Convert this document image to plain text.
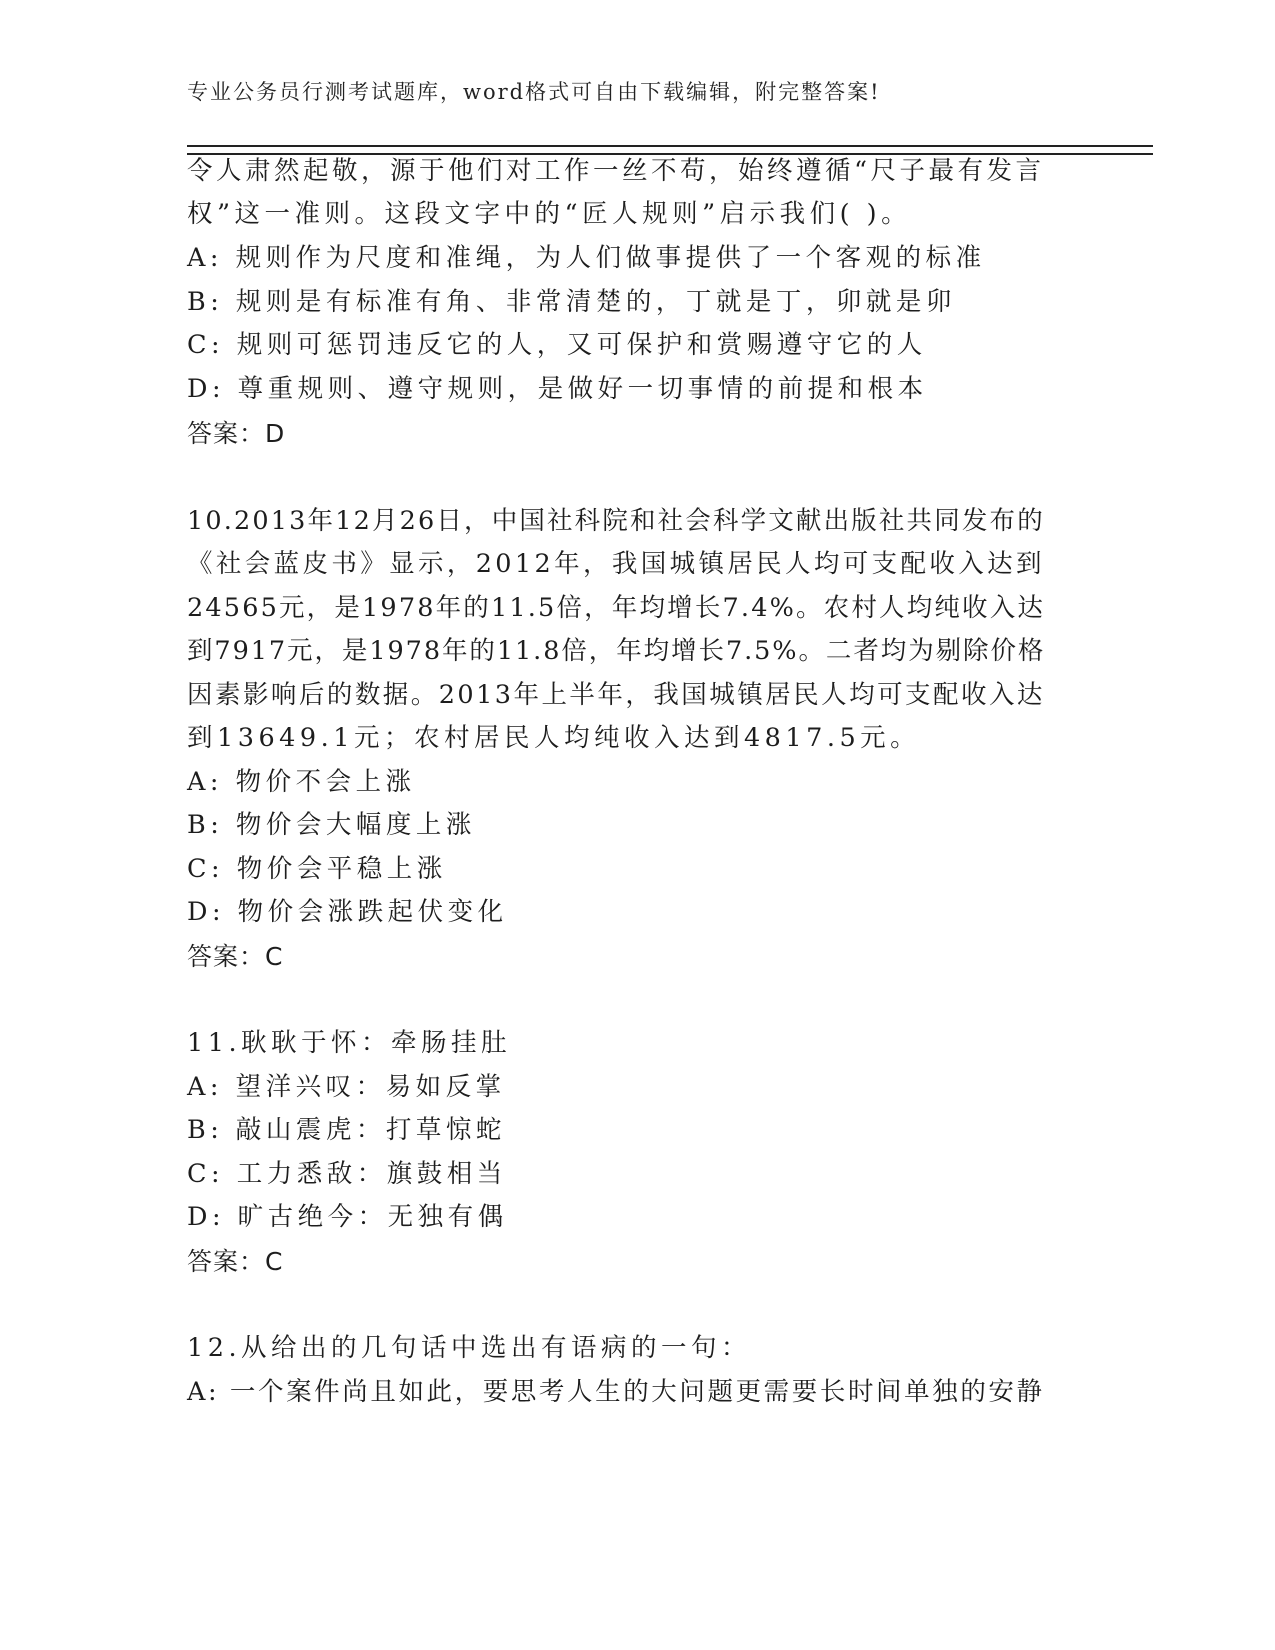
专业公务员行测考试题库，word格式可自由下载编辑，附完整答案!
令人肃然起敬，源于他们对工作一丝不苟，始终遵循“尺子最有发言
权”这一准则。这段文字中的“匠人规则”启示我们( )。
A: 规则作为尺度和准绳，为人们做事提供了一个客观的标准
B: 规则是有标准有角、非常清楚的，丁就是丁，卯就是卯
C: 规则可惩罚违反它的人，又可保护和赏赐遵守它的人
D: 尊重规则、遵守规则，是做好一切事情的前提和根本
答案：D
10.2013年12月26日，中国社科院和社会科学文献出版社共同发布的
《社会蓝皮书》显示，2012年，我国城镇居民人均可支配收入达到
24565元，是1978年的11.5倍，年均增长7.4%。农村人均纯收入达
到7917元，是1978年的11.8倍，年均增长7.5%。二者均为剔除价格
因素影响后的数据。2013年上半年，我国城镇居民人均可支配收入达
到13649.1元；农村居民人均纯收入达到4817.5元。
A: 物价不会上涨
B: 物价会大幅度上涨
C: 物价会平稳上涨
D: 物价会涨跌起伏变化
答案：C
11.耿耿于怀：牵肠挂肚
A: 望洋兴叹：易如反掌
B: 敲山震虎：打草惊蛇
C: 工力悉敌：旗鼓相当
D: 旷古绝今：无独有偶
答案：C
12.从给出的几句话中选出有语病的一句：
A: 一个案件尚且如此，要思考人生的大问题更需要长时间单独的安静
